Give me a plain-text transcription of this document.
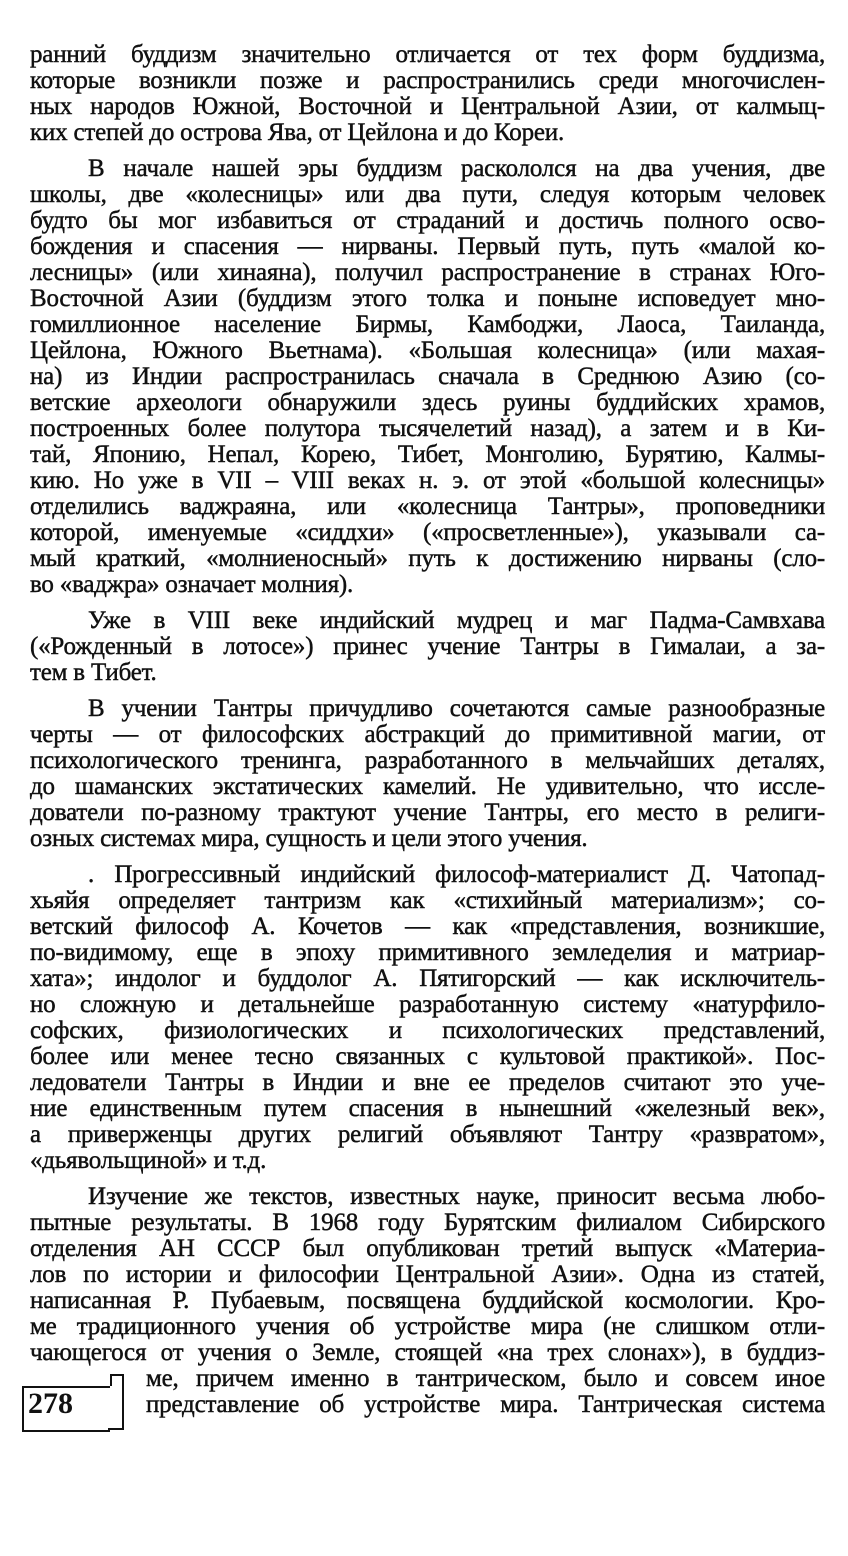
ранний буддизм значительно отличается от тех форм буддизма,
которые возникли позже и распространились среди многочислен-
ных народов Южной, Восточной и Центральной Азии, от калмыц-
ких степей до острова Ява, от Цейлона и до Кореи.
В начале нашей эры буддизм раскололся на два учения, две
школы, две «колесницы» или два пути, следуя которым человек
будто бы мог избавиться от страданий и достичь полного осво-
бождения и спасения — нирваны. Первый путь, путь «малой ко-
лесницы» (или хинаяна), получил распространение в странах Юго-
Восточной Азии (буддизм этого толка и поныне исповедует мно-
гомиллионное население Бирмы, Камбоджи, Лаоса, Таиланда,
Цейлона, Южного Вьетнама). «Большая колесница» (или махая-
на) из Индии распространилась сначала в Среднюю Азию (со-
ветские археологи обнаружили здесь руины буддийских храмов,
построенных более полутора тысячелетий назад), а затем и в Ки-
тай, Японию, Непал, Корею, Тибет, Монголию, Бурятию, Калмы-
кию. Но уже в VII – VIII веках н. э. от этой «большой колесницы»
отделились ваджраяна, или «колесница Тантры», проповедники
которой, именуемые «сиддхи» («просветленные»), указывали са-
мый краткий, «молниеносный» путь к достижению нирваны (сло-
во «ваджра» означает молния).
Уже в VIII веке индийский мудрец и маг Падма-Самвхава
(«Рожденный в лотосе») принес учение Тантры в Гималаи, а за-
тем в Тибет.
В учении Тантры причудливо сочетаются самые разнообразные
черты — от философских абстракций до примитивной магии, от
психологического тренинга, разработанного в мельчайших деталях,
до шаманских экстатических камелий. Не удивительно, что иссле-
дователи по-разному трактуют учение Тантры, его место в религи-
озных системах мира, сущность и цели этого учения.
. Прогрессивный индийский философ-материалист Д. Чатопад-
хьяйя определяет тантризм как «стихийный материализм»; со-
ветский философ А. Кочетов — как «представления, возникшие,
по-видимому, еще в эпоху примитивного земледелия и матриар-
хата»; индолог и буддолог А. Пятигорский — как исключитель-
но сложную и детальнейше разработанную систему «натурфило-
софских, физиологических и психологических представлений,
более или менее тесно связанных с культовой практикой». Пос-
ледователи Тантры в Индии и вне ее пределов считают это уче-
ние единственным путем спасения в нынешний «железный век»,
а приверженцы других религий объявляют Тантру «развратом»,
«дьявольщиной» и т.д.
Изучение же текстов, известных науке, приносит весьма любо-
пытные результаты. В 1968 году Бурятским филиалом Сибирского
отделения АН СССР был опубликован третий выпуск «Материа-
лов по истории и философии Центральной Азии». Одна из статей,
написанная Р. Пубаевым, посвящена буддийской космологии. Кро-
ме традиционного учения об устройстве мира (не слишком отли-
чающегося от учения о Земле, стоящей «на трех слонах»), в буддиз-
ме, причем именно в тантрическом, было и совсем иное
представление об устройстве мира. Тантрическая система
278
